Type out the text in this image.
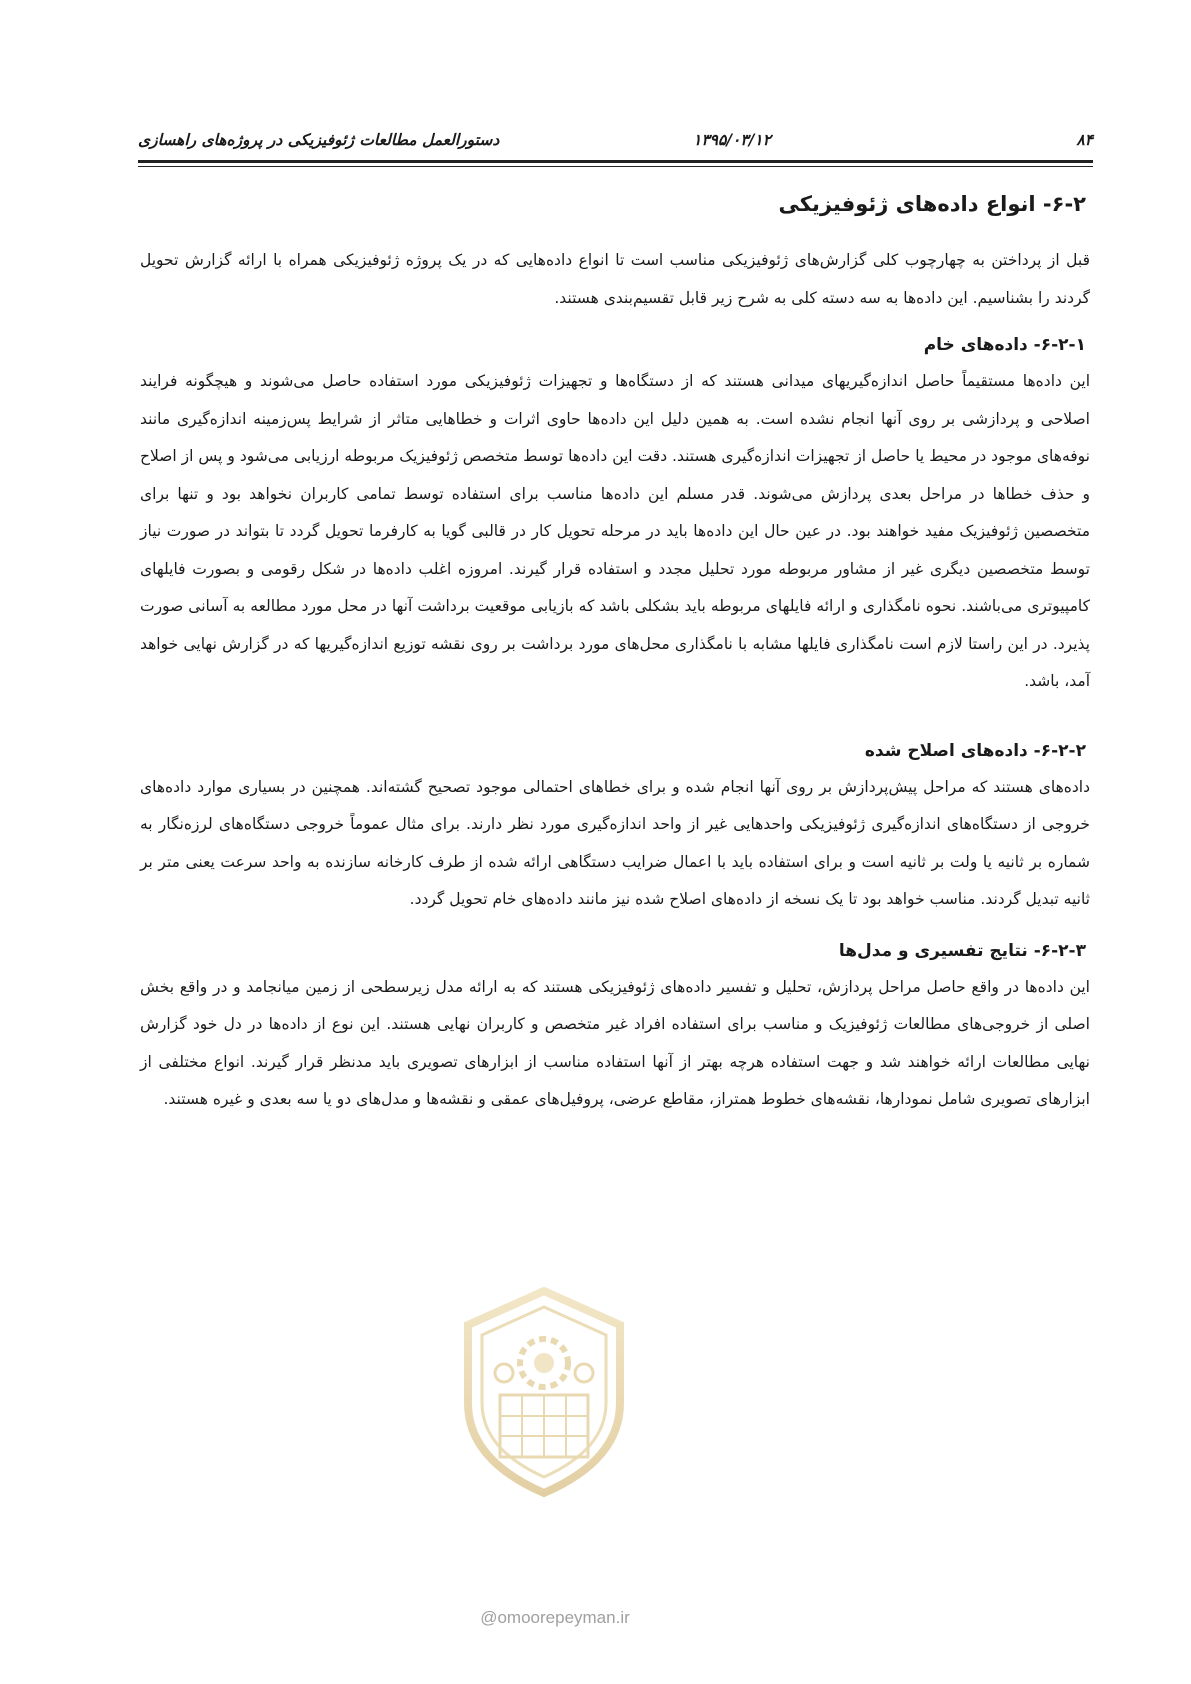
۸۴
۱۳۹۵/۰۳/۱۲
دستورالعمل مطالعات ژئوفیزیکی در پروژه‌های راهسازی
۶-۲- انواع داده‌های ژئوفیزیکی

قبل از پرداختن به چهارچوب کلی گزارش‌های ژئوفیزیکی مناسب است تا انواع داده‌هایی که در یک پروژه ژئوفیزیکی همراه با ارائه گزارش تحویل گردند را بشناسیم. این داده‌ها به سه دسته کلی به شرح زیر قابل تقسیم‌بندی هستند.

۶-۲-۱- داده‌های خام

این داده‌ها مستقیماً حاصل اندازه‌گیریهای میدانی هستند که از دستگاه‌ها و تجهیزات ژئوفیزیکی مورد استفاده حاصل می‌شوند و هیچگونه فرایند اصلاحی و پردازشی بر روی آنها انجام نشده است. به همین دلیل این داده‌ها حاوی اثرات و خطاهایی متاثر از شرایط پس‌زمینه اندازه‌گیری مانند نوفه‌های موجود در محیط یا حاصل از تجهیزات اندازه‌گیری هستند. دقت این داده‌ها توسط متخصص ژئوفیزیک مربوطه ارزیابی می‌شود و پس از اصلاح و حذف خطاها در مراحل بعدی پردازش می‌شوند. قدر مسلم این داده‌ها مناسب برای استفاده توسط تمامی کاربران نخواهد بود و تنها برای متخصصین ژئوفیزیک مفید خواهند بود. در عین حال این داده‌ها باید در مرحله تحویل کار در قالبی گویا به کارفرما تحویل گردد تا بتواند در صورت نیاز توسط متخصصین دیگری غیر از مشاور مربوطه مورد تحلیل مجدد و استفاده قرار گیرند. امروزه اغلب داده‌ها در شکل رقومی و بصورت فایلهای کامپیوتری می‌باشند. نحوه نامگذاری و ارائه فایلهای مربوطه باید بشکلی باشد که بازیابی موقعیت برداشت آنها در محل مورد مطالعه به آسانی صورت پذیرد. در این راستا لازم است نامگذاری فایلها مشابه با نامگذاری محل‌های مورد برداشت بر روی نقشه توزیع اندازه‌گیریها که در گزارش نهایی خواهد آمد، باشد.

۶-۲-۲- داده‌های اصلاح شده

داده‌های هستند که مراحل پیش‌پردازش بر روی آنها انجام شده و برای خطاهای احتمالی موجود تصحیح گشته‌اند. همچنین در بسیاری موارد داده‌های خروجی از دستگاه‌های اندازه‌گیری ژئوفیزیکی واحدهایی غیر از واحد اندازه‌گیری مورد نظر دارند. برای مثال عموماً خروجی دستگاه‌های لرزه‌نگار به شماره بر ثانیه یا ولت بر ثانیه است و برای استفاده باید با اعمال ضرایب دستگاهی ارائه شده از طرف کارخانه سازنده به واحد سرعت یعنی متر بر ثانیه تبدیل گردند. مناسب خواهد بود تا یک نسخه از داده‌های اصلاح شده نیز مانند داده‌های خام تحویل گردد.

۶-۲-۳- نتایج تفسیری و مدل‌ها

این داده‌ها در واقع حاصل مراحل پردازش، تحلیل و تفسیر داده‌های ژئوفیزیکی هستند که به ارائه مدل زیرسطحی از زمین میانجامد و در واقع بخش اصلی از خروجی‌های مطالعات ژئوفیزیک و مناسب برای استفاده افراد غیر متخصص و کاربران نهایی هستند. این نوع از داده‌ها در دل خود گزارش نهایی مطالعات ارائه خواهند شد و جهت استفاده هرچه بهتر از آنها استفاده مناسب از ابزارهای تصویری باید مدنظر قرار گیرند. انواع مختلفی از ابزارهای تصویری شامل نمودارها، نقشه‌های خطوط همتراز، مقاطع عرضی، پروفیل‌های عمقی و نقشه‌ها و مدل‌های دو یا سه بعدی و غیره هستند.

@omoorepeyman.ir
